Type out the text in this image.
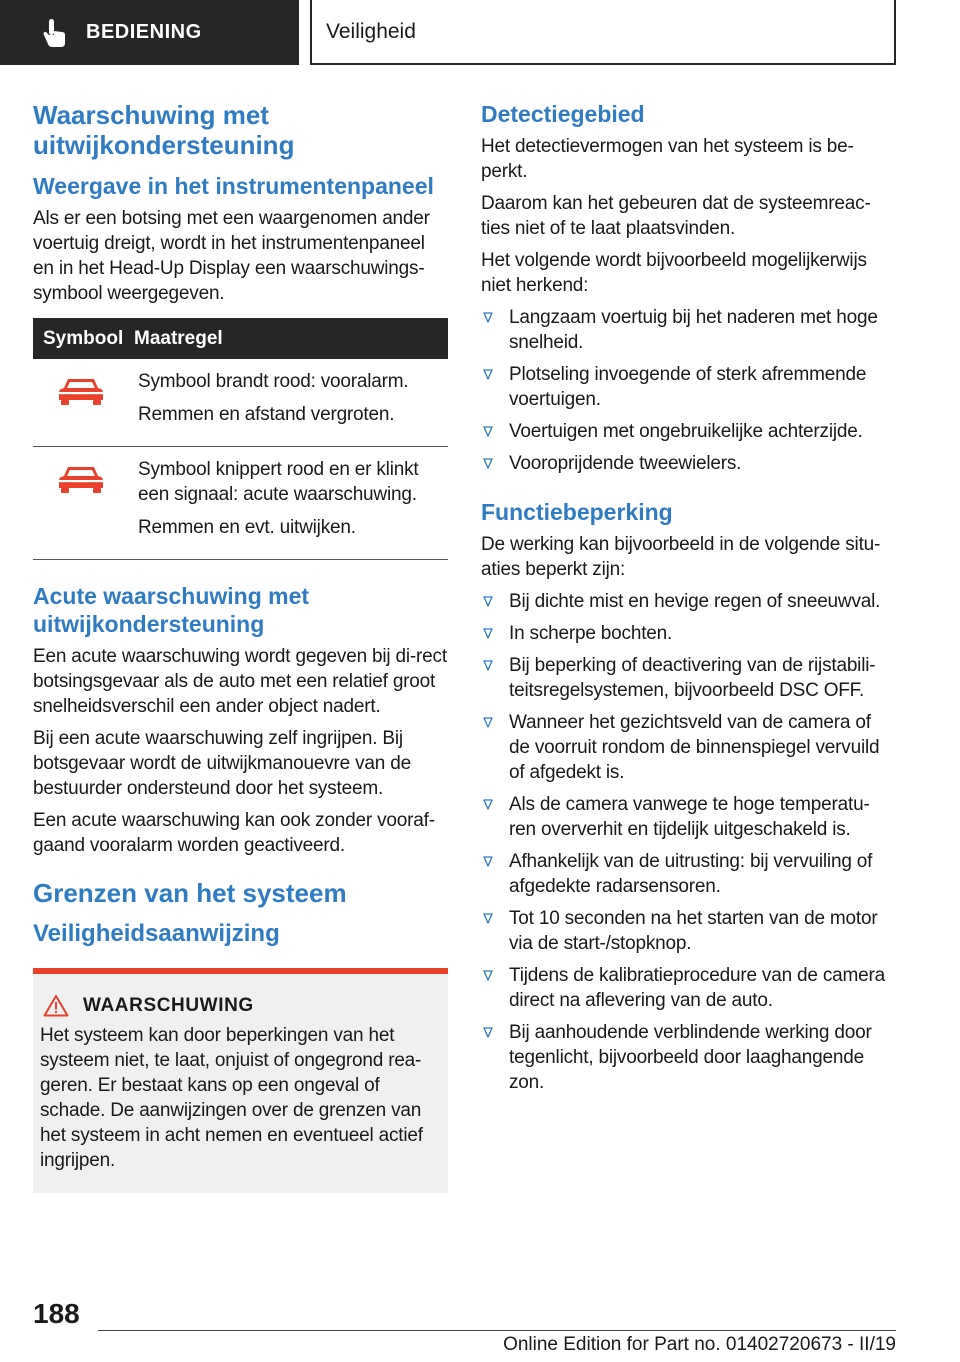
BEDIENING	Veiligheid
Waarschuwing met uitwijkondersteuning
Weergave in het instrumentenpaneel

Als er een botsing met een waargenomen ander voertuig dreigt, wordt in het instrumentenpaneel en in het Head-Up Display een waarschuwings-symbool weergegeven.

Symbool	Maatregel

Symbool brandt rood: vooralarm.

Remmen en afstand vergroten.

Symbool knippert rood en er klinkt een signaal: acute waarschuwing.

Remmen en evt. uitwijken.

Acute waarschuwing met uitwijkondersteuning

Een acute waarschuwing wordt gegeven bij di-rect botsingsgevaar als de auto met een relatief groot snelheidsverschil een ander object nadert.

Bij een acute waarschuwing zelf ingrijpen. Bij botsgevaar wordt de uitwijkmanouevre van de bestuurder ondersteund door het systeem.

Een acute waarschuwing kan ook zonder vooraf-gaand vooralarm worden geactiveerd.

Grenzen van het systeem
Veiligheidsaanwijzing
WAARSCHUWING

Het systeem kan door beperkingen van het systeem niet, te laat, onjuist of ongegrond rea-geren. Er bestaat kans op een ongeval of schade. De aanwijzingen over de grenzen van het systeem in acht nemen en eventueel actief ingrijpen.

Detectiegebied

Het detectievermogen van het systeem is be-perkt.

Daarom kan het gebeuren dat de systeemreac-ties niet of te laat plaatsvinden.

Het volgende wordt bijvoorbeeld mogelijkerwijs niet herkend:

Langzaam voertuig bij het naderen met hoge snelheid.
Plotseling invoegende of sterk afremmende voertuigen.
Voertuigen met ongebruikelijke achterzijde.
Vooroprijdende tweewielers.
Functiebeperking

De werking kan bijvoorbeeld in de volgende situ-aties beperkt zijn:

Bij dichte mist en hevige regen of sneeuwval.
In scherpe bochten.
Bij beperking of deactivering van de rijstabili-teitsregelsystemen, bijvoorbeeld DSC OFF.
Wanneer het gezichtsveld van de camera of de voorruit rondom de binnenspiegel vervuild of afgedekt is.
Als de camera vanwege te hoge temperatu-ren oververhit en tijdelijk uitgeschakeld is.
Afhankelijk van de uitrusting: bij vervuiling of afgedekte radarsensoren.
Tot 10 seconden na het starten van de motor via de start-/stopknop.
Tijdens de kalibratieprocedure van de camera direct na aflevering van de auto.
Bij aanhoudende verblindende werking door tegenlicht, bijvoorbeeld door laaghangende zon.
188
Online Edition for Part no. 01402720673 - II/19
